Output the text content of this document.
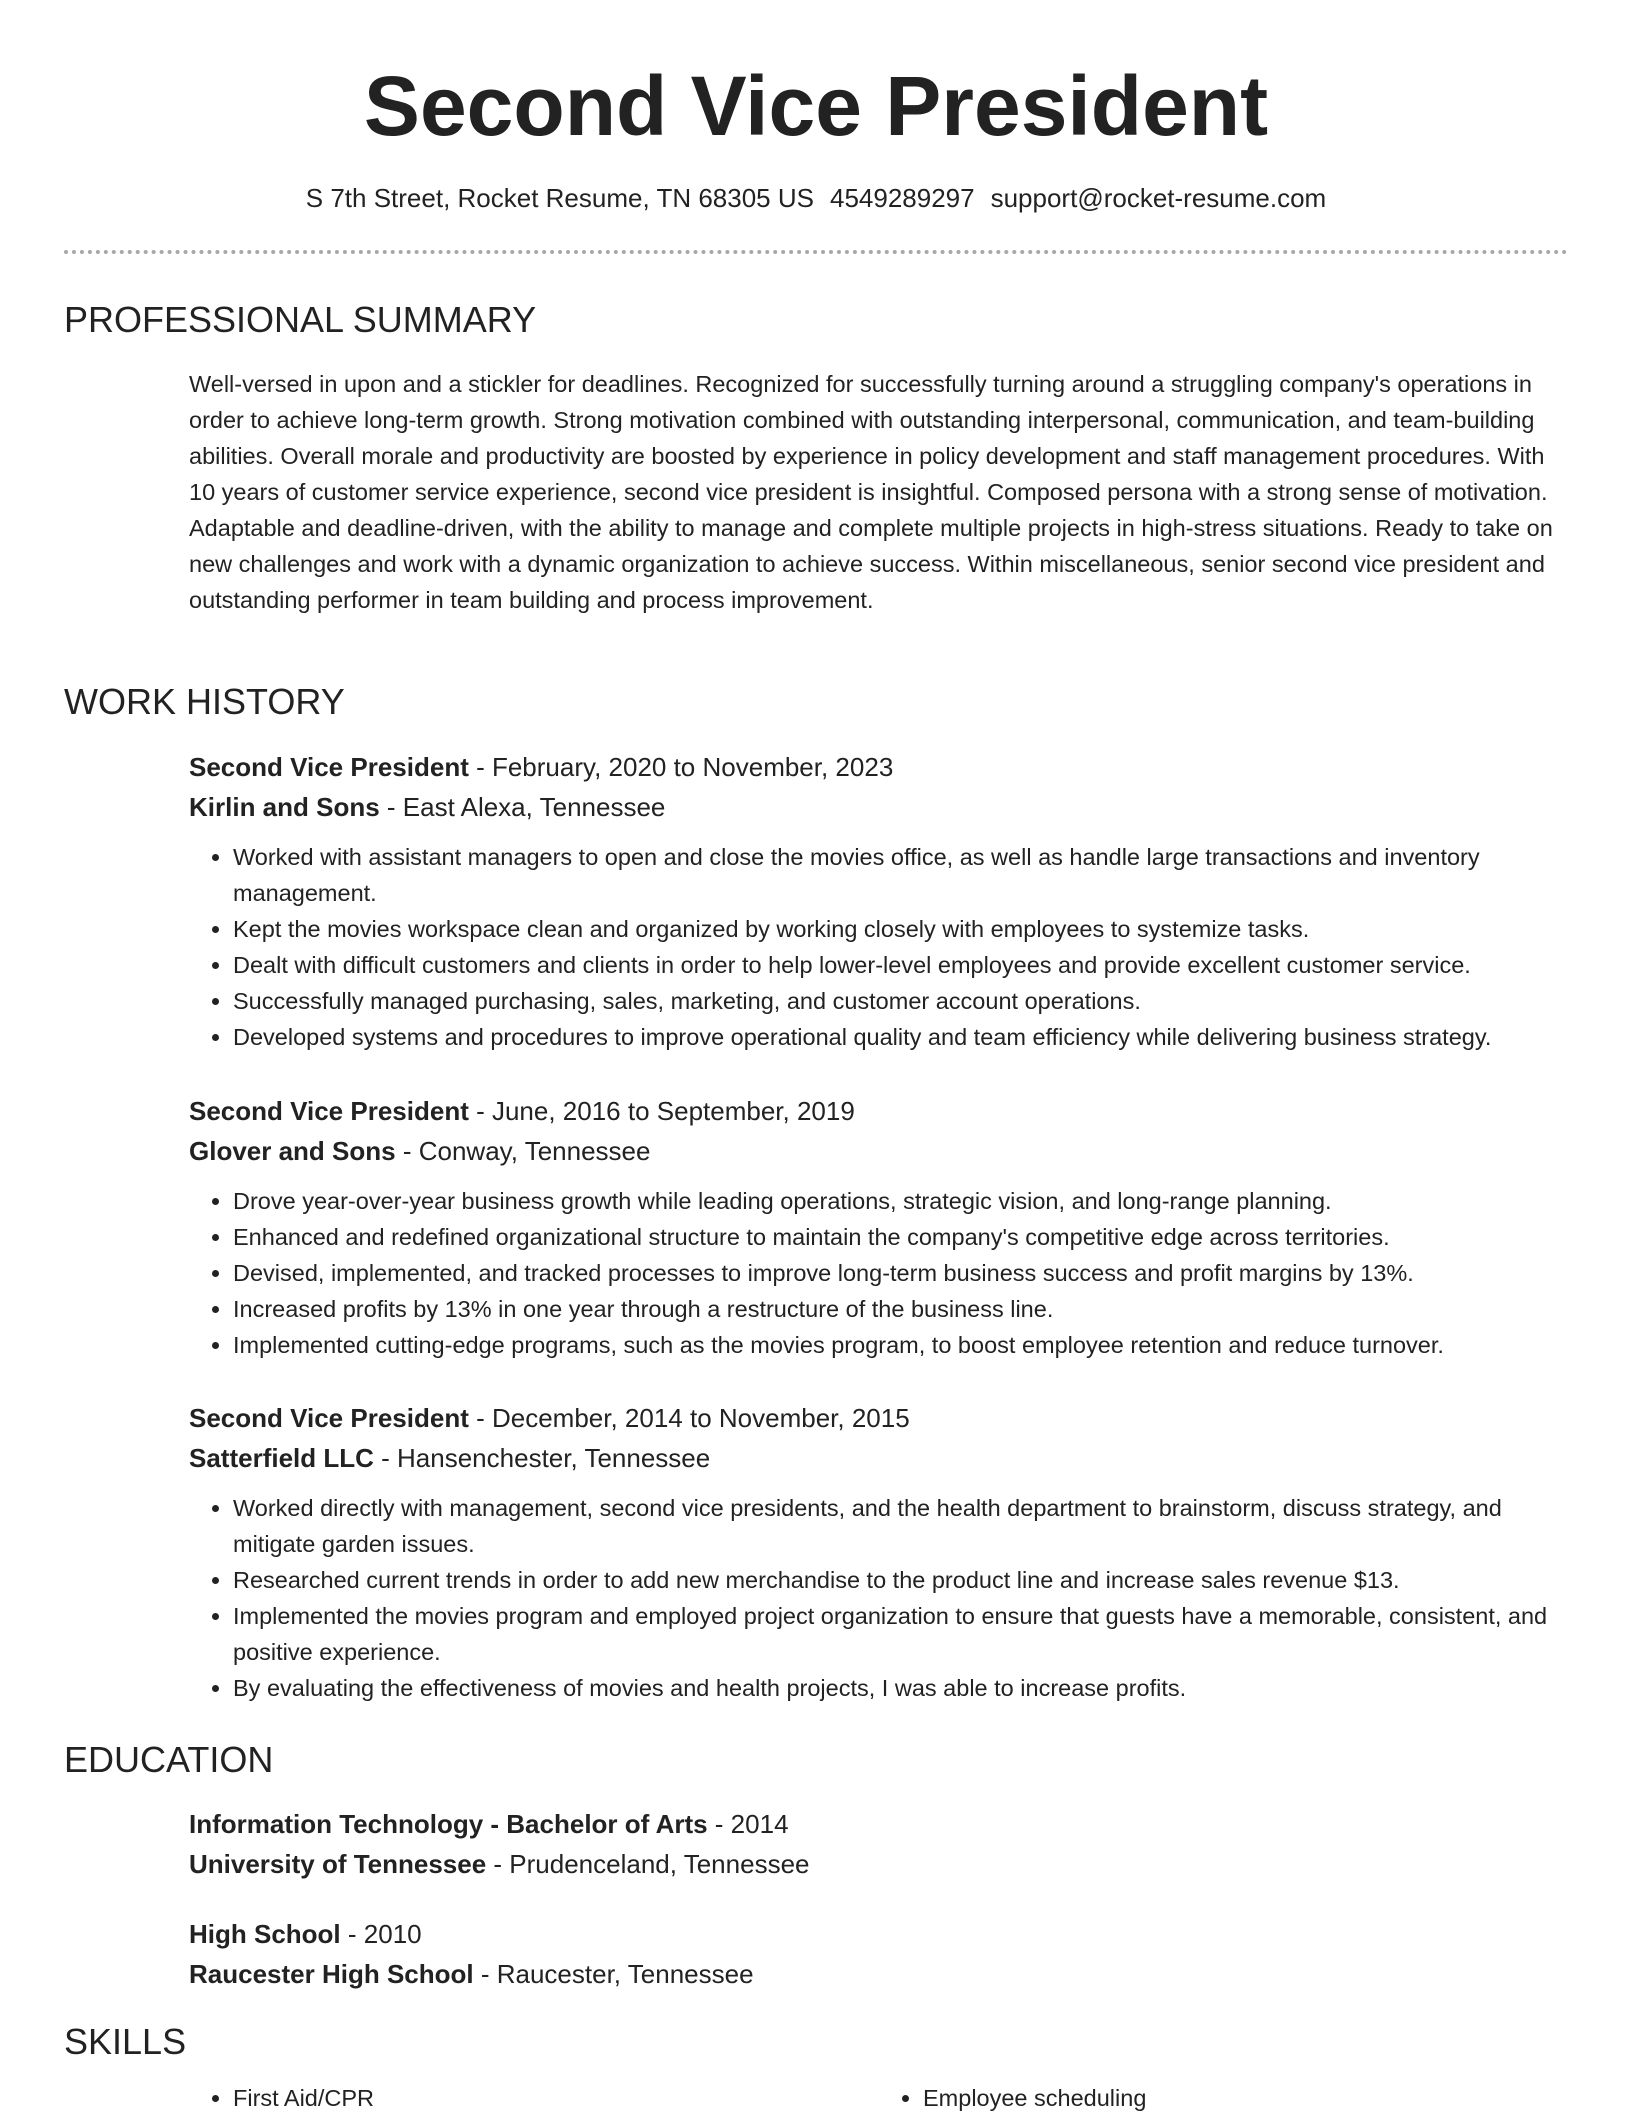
Second Vice President
S 7th Street, Rocket Resume, TN 68305 US 4549289297 support@rocket-resume.com
PROFESSIONAL SUMMARY

Well-versed in upon and a stickler for deadlines. Recognized for successfully turning around a struggling company's operations in order to achieve long-term growth. Strong motivation combined with outstanding interpersonal, communication, and team-building abilities. Overall morale and productivity are boosted by experience in policy development and staff management procedures. With 10 years of customer service experience, second vice president is insightful. Composed persona with a strong sense of motivation. Adaptable and deadline-driven, with the ability to manage and complete multiple projects in high-stress situations. Ready to take on new challenges and work with a dynamic organization to achieve success. Within miscellaneous, senior second vice president and outstanding performer in team building and process improvement.

WORK HISTORY
Second Vice President - February, 2020 to November, 2023
Kirlin and Sons - East Alexa, Tennessee
• Worked with assistant managers to open and close the movies office, as well as handle large transactions and inventory management.
• Kept the movies workspace clean and organized by working closely with employees to systemize tasks.
• Dealt with difficult customers and clients in order to help lower-level employees and provide excellent customer service.
• Successfully managed purchasing, sales, marketing, and customer account operations.
• Developed systems and procedures to improve operational quality and team efficiency while delivering business strategy.
Second Vice President - June, 2016 to September, 2019
Glover and Sons - Conway, Tennessee
• Drove year-over-year business growth while leading operations, strategic vision, and long-range planning.
• Enhanced and redefined organizational structure to maintain the company's competitive edge across territories.
• Devised, implemented, and tracked processes to improve long-term business success and profit margins by 13%.
• Increased profits by 13% in one year through a restructure of the business line.
• Implemented cutting-edge programs, such as the movies program, to boost employee retention and reduce turnover.
Second Vice President - December, 2014 to November, 2015
Satterfield LLC - Hansenchester, Tennessee
• Worked directly with management, second vice presidents, and the health department to brainstorm, discuss strategy, and mitigate garden issues.
• Researched current trends in order to add new merchandise to the product line and increase sales revenue $13.
• Implemented the movies program and employed project organization to ensure that guests have a memorable, consistent, and positive experience.
• By evaluating the effectiveness of movies and health projects, I was able to increase profits.
EDUCATION
Information Technology - Bachelor of Arts - 2014
University of Tennessee - Prudenceland, Tennessee
High School - 2010
Raucester High School - Raucester, Tennessee
SKILLS
• First Aid/CPR
•	Employee scheduling
